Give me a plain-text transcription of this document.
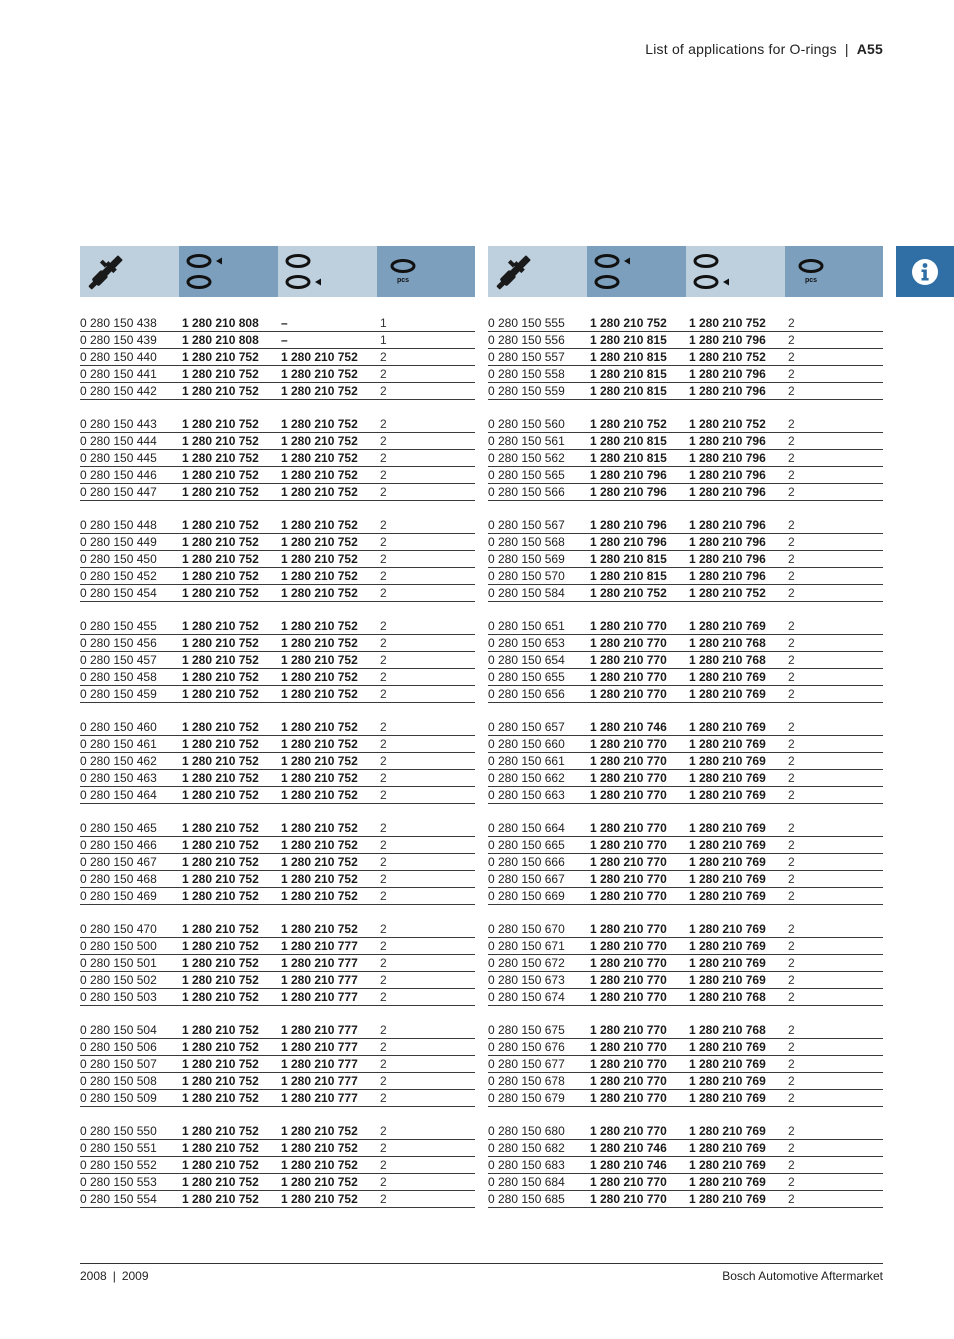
List of applications for O-rings | A55
pcs
0 280 150 438	1 280 210 808	–	1
0 280 150 439	1 280 210 808	–	1
0 280 150 440	1 280 210 752	1 280 210 752	2
0 280 150 441	1 280 210 752	1 280 210 752	2
0 280 150 442	1 280 210 752	1 280 210 752	2
0 280 150 443	1 280 210 752	1 280 210 752	2
0 280 150 444	1 280 210 752	1 280 210 752	2
0 280 150 445	1 280 210 752	1 280 210 752	2
0 280 150 446	1 280 210 752	1 280 210 752	2
0 280 150 447	1 280 210 752	1 280 210 752	2
0 280 150 448	1 280 210 752	1 280 210 752	2
0 280 150 449	1 280 210 752	1 280 210 752	2
0 280 150 450	1 280 210 752	1 280 210 752	2
0 280 150 452	1 280 210 752	1 280 210 752	2
0 280 150 454	1 280 210 752	1 280 210 752	2
0 280 150 455	1 280 210 752	1 280 210 752	2
0 280 150 456	1 280 210 752	1 280 210 752	2
0 280 150 457	1 280 210 752	1 280 210 752	2
0 280 150 458	1 280 210 752	1 280 210 752	2
0 280 150 459	1 280 210 752	1 280 210 752	2
0 280 150 460	1 280 210 752	1 280 210 752	2
0 280 150 461	1 280 210 752	1 280 210 752	2
0 280 150 462	1 280 210 752	1 280 210 752	2
0 280 150 463	1 280 210 752	1 280 210 752	2
0 280 150 464	1 280 210 752	1 280 210 752	2
0 280 150 465	1 280 210 752	1 280 210 752	2
0 280 150 466	1 280 210 752	1 280 210 752	2
0 280 150 467	1 280 210 752	1 280 210 752	2
0 280 150 468	1 280 210 752	1 280 210 752	2
0 280 150 469	1 280 210 752	1 280 210 752	2
0 280 150 470	1 280 210 752	1 280 210 752	2
0 280 150 500	1 280 210 752	1 280 210 777	2
0 280 150 501	1 280 210 752	1 280 210 777	2
0 280 150 502	1 280 210 752	1 280 210 777	2
0 280 150 503	1 280 210 752	1 280 210 777	2
0 280 150 504	1 280 210 752	1 280 210 777	2
0 280 150 506	1 280 210 752	1 280 210 777	2
0 280 150 507	1 280 210 752	1 280 210 777	2
0 280 150 508	1 280 210 752	1 280 210 777	2
0 280 150 509	1 280 210 752	1 280 210 777	2
0 280 150 550	1 280 210 752	1 280 210 752	2
0 280 150 551	1 280 210 752	1 280 210 752	2
0 280 150 552	1 280 210 752	1 280 210 752	2
0 280 150 553	1 280 210 752	1 280 210 752	2
0 280 150 554	1 280 210 752	1 280 210 752	2
pcs
0 280 150 555	1 280 210 752	1 280 210 752	2
0 280 150 556	1 280 210 815	1 280 210 796	2
0 280 150 557	1 280 210 815	1 280 210 752	2
0 280 150 558	1 280 210 815	1 280 210 796	2
0 280 150 559	1 280 210 815	1 280 210 796	2
0 280 150 560	1 280 210 752	1 280 210 752	2
0 280 150 561	1 280 210 815	1 280 210 796	2
0 280 150 562	1 280 210 815	1 280 210 796	2
0 280 150 565	1 280 210 796	1 280 210 796	2
0 280 150 566	1 280 210 796	1 280 210 796	2
0 280 150 567	1 280 210 796	1 280 210 796	2
0 280 150 568	1 280 210 796	1 280 210 796	2
0 280 150 569	1 280 210 815	1 280 210 796	2
0 280 150 570	1 280 210 815	1 280 210 796	2
0 280 150 584	1 280 210 752	1 280 210 752	2
0 280 150 651	1 280 210 770	1 280 210 769	2
0 280 150 653	1 280 210 770	1 280 210 768	2
0 280 150 654	1 280 210 770	1 280 210 768	2
0 280 150 655	1 280 210 770	1 280 210 769	2
0 280 150 656	1 280 210 770	1 280 210 769	2
0 280 150 657	1 280 210 746	1 280 210 769	2
0 280 150 660	1 280 210 770	1 280 210 769	2
0 280 150 661	1 280 210 770	1 280 210 769	2
0 280 150 662	1 280 210 770	1 280 210 769	2
0 280 150 663	1 280 210 770	1 280 210 769	2
0 280 150 664	1 280 210 770	1 280 210 769	2
0 280 150 665	1 280 210 770	1 280 210 769	2
0 280 150 666	1 280 210 770	1 280 210 769	2
0 280 150 667	1 280 210 770	1 280 210 769	2
0 280 150 669	1 280 210 770	1 280 210 769	2
0 280 150 670	1 280 210 770	1 280 210 769	2
0 280 150 671	1 280 210 770	1 280 210 769	2
0 280 150 672	1 280 210 770	1 280 210 769	2
0 280 150 673	1 280 210 770	1 280 210 769	2
0 280 150 674	1 280 210 770	1 280 210 768	2
0 280 150 675	1 280 210 770	1 280 210 768	2
0 280 150 676	1 280 210 770	1 280 210 769	2
0 280 150 677	1 280 210 770	1 280 210 769	2
0 280 150 678	1 280 210 770	1 280 210 769	2
0 280 150 679	1 280 210 770	1 280 210 769	2
0 280 150 680	1 280 210 770	1 280 210 769	2
0 280 150 682	1 280 210 746	1 280 210 769	2
0 280 150 683	1 280 210 746	1 280 210 769	2
0 280 150 684	1 280 210 770	1 280 210 769	2
0 280 150 685	1 280 210 770	1 280 210 769	2
2008 | 2009	Bosch Automotive Aftermarket
